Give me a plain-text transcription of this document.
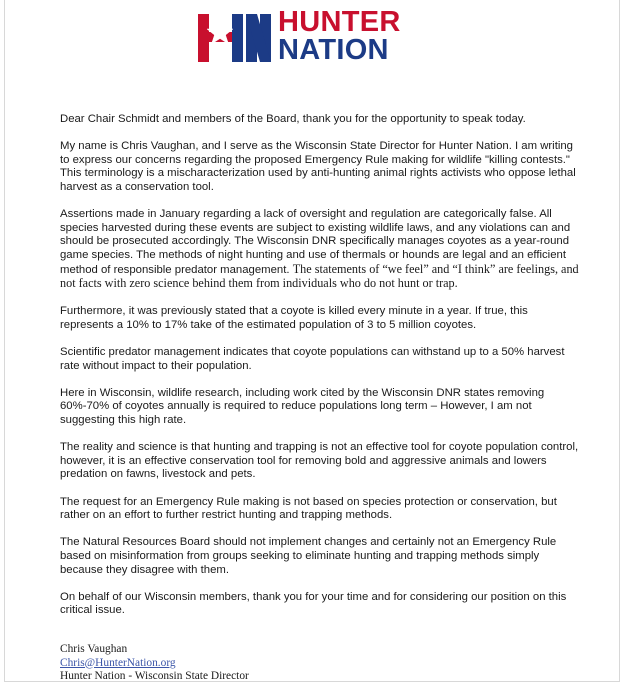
HUNTER
NATION

Dear Chair Schmidt and members of the Board, thank you for the opportunity to speak today.

My name is Chris Vaughan, and I serve as the Wisconsin State Director for Hunter Nation. I am writing to express our concerns regarding the proposed Emergency Rule making for wildlife "killing contests." This terminology is a mischaracterization used by anti-hunting animal rights activists who oppose lethal harvest as a conservation tool.

Assertions made in January regarding a lack of oversight and regulation are categorically false. All species harvested during these events are subject to existing wildlife laws, and any violations can and should be prosecuted accordingly. The Wisconsin DNR specifically manages coyotes as a year-round game species. The methods of night hunting and use of thermals or hounds are legal and an efficient method of responsible predator management. The statements of “we feel” and “I think” are feelings, and not facts with zero science behind them from individuals who do not hunt or trap.

Furthermore, it was previously stated that a coyote is killed every minute in a year. If true, this represents a 10% to 17% take of the estimated population of 3 to 5 million coyotes.

Scientific predator management indicates that coyote populations can withstand up to a 50% harvest rate without impact to their population.

Here in Wisconsin, wildlife research, including work cited by the Wisconsin DNR states removing 60%-70% of coyotes annually is required to reduce populations long term – However, I am not suggesting this high rate.

The reality and science is that hunting and trapping is not an effective tool for coyote population control, however, it is an effective conservation tool for removing bold and aggressive animals and lowers predation on fawns, livestock and pets.

The request for an Emergency Rule making is not based on species protection or conservation, but rather on an effort to further restrict hunting and trapping methods.

The Natural Resources Board should not implement changes and certainly not an Emergency Rule based on misinformation from groups seeking to eliminate hunting and trapping methods simply because they disagree with them.

On behalf of our Wisconsin members, thank you for your time and for considering our position on this critical issue.

Chris Vaughan
Chris@HunterNation.org
Hunter Nation - Wisconsin State Director
